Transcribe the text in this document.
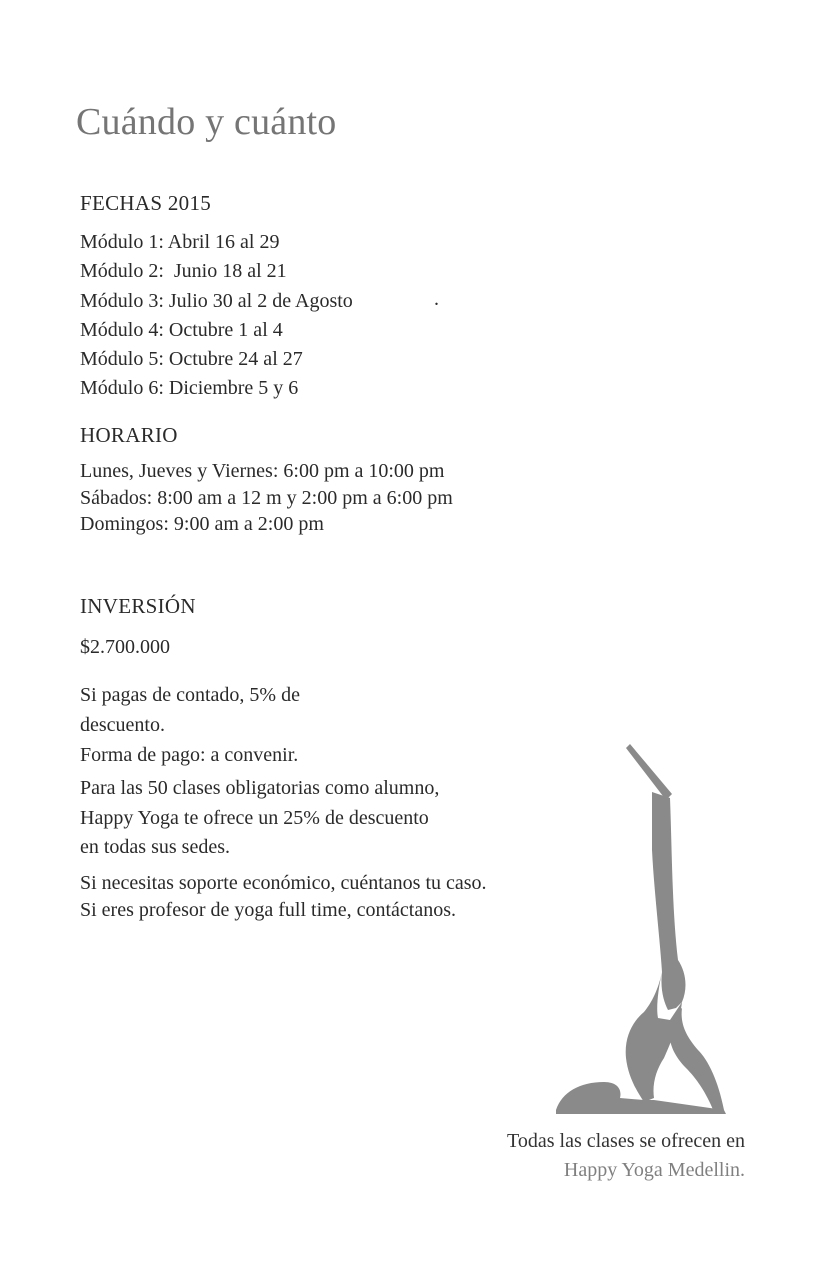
Cuándo y cuánto
FECHAS 2015
Módulo 1: Abril 16 al 29
Módulo 2:  Junio 18 al 21
Módulo 3: Julio 30 al 2 de Agosto
Módulo 4: Octubre 1 al 4
Módulo 5: Octubre 24 al 27
Módulo 6: Diciembre 5 y 6
.
HORARIO
Lunes, Jueves y Viernes: 6:00 pm a 10:00 pm
Sábados: 8:00 am a 12 m y 2:00 pm a 6:00 pm
Domingos: 9:00 am a 2:00 pm
INVERSIÓN
$2.700.000
Si pagas de contado, 5% de
descuento.
Forma de pago: a convenir.
Para las 50 clases obligatorias como alumno,
Happy Yoga te ofrece un 25% de descuento
en todas sus sedes.
Si necesitas soporte económico, cuéntanos tu caso.
Si eres profesor de yoga full time, contáctanos.
Todas las clases se ofrecen en
Happy Yoga Medellin.
